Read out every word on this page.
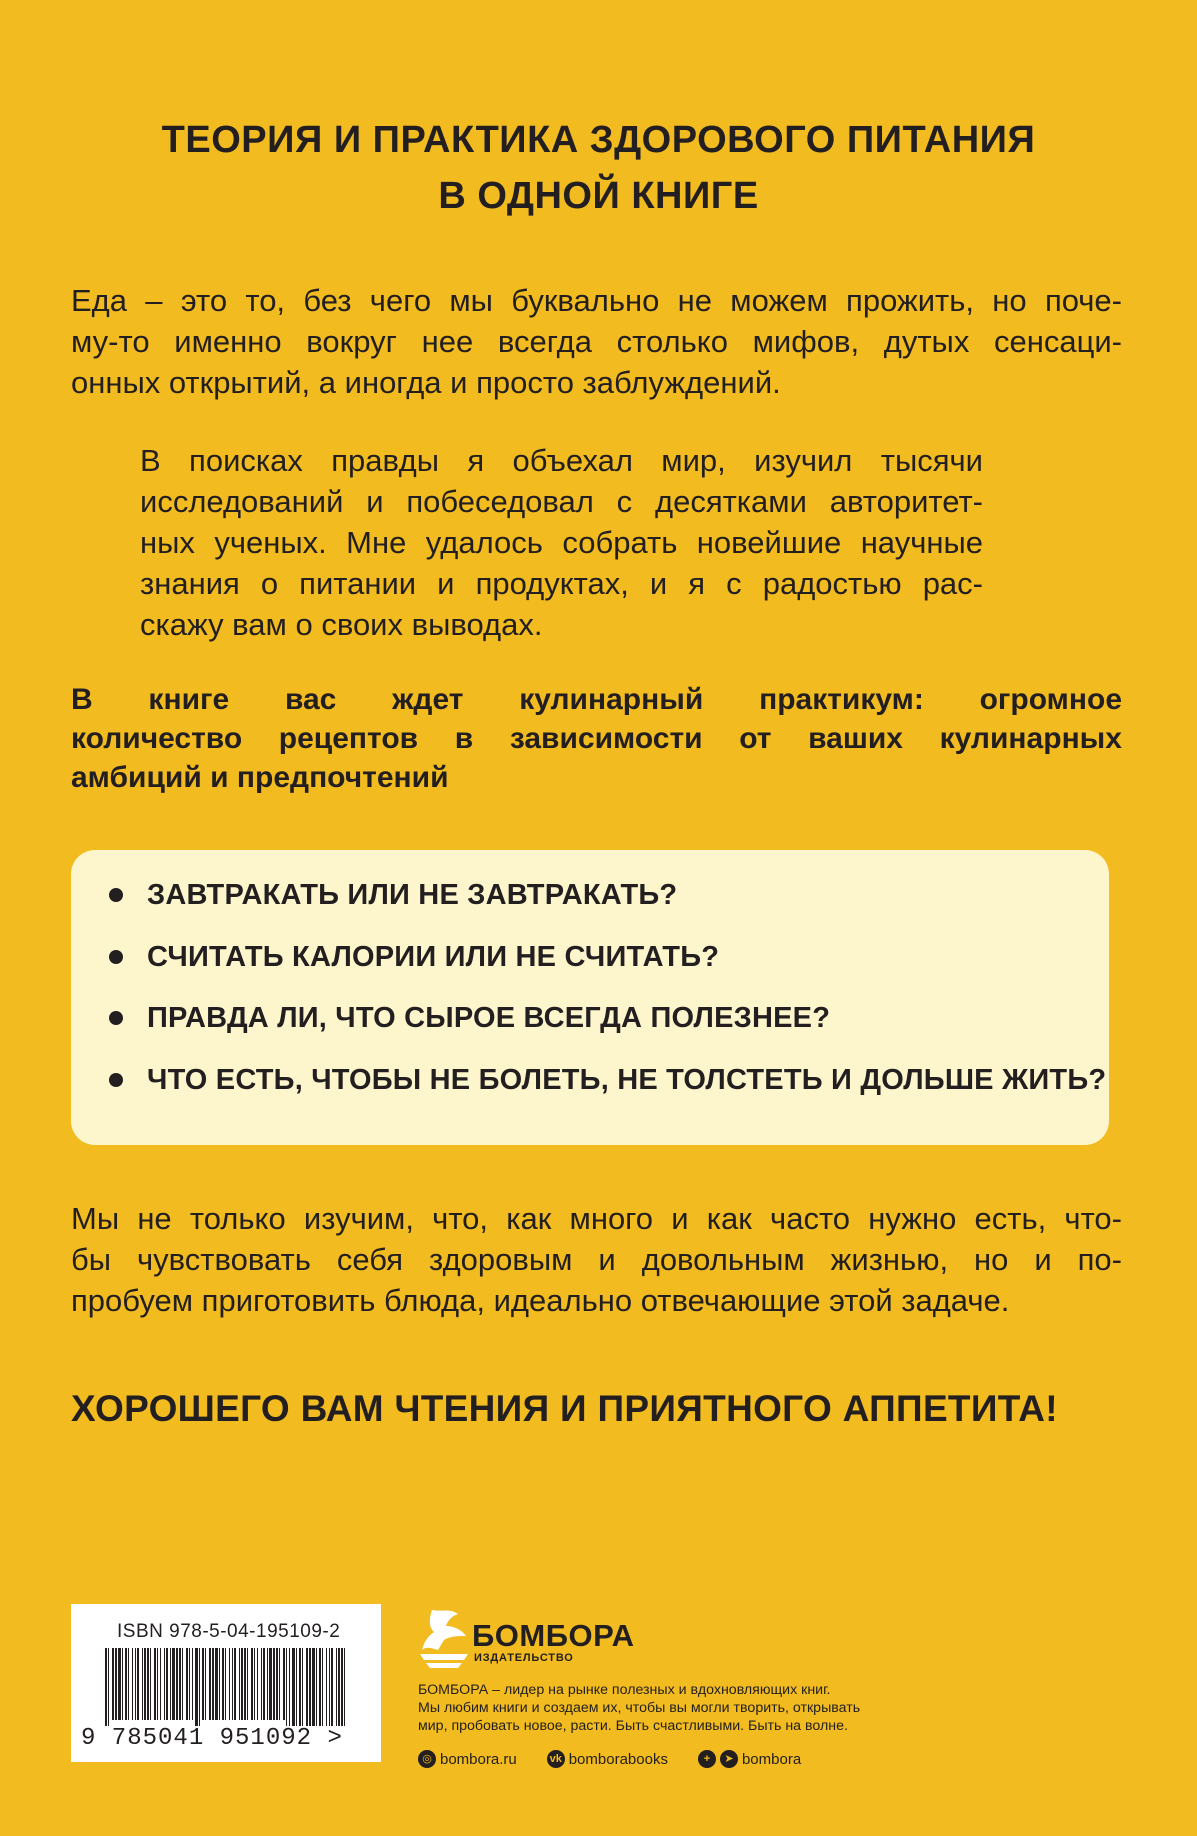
ТЕОРИЯ И ПРАКТИКА ЗДОРОВОГО ПИТАНИЯ
В ОДНОЙ КНИГЕ
Еда – это то, без чего мы буквально не можем прожить, но поче-
му-то именно вокруг нее всегда столько мифов, дутых сенсаци-
онных открытий, а иногда и просто заблуждений.
В поисках правды я объехал мир, изучил тысячи
исследований и побеседовал с десятками авторитет-
ных ученых. Мне удалось собрать новейшие научные
знания о питании и продуктах, и я с радостью рас-
скажу вам о своих выводах.
В книге вас ждет кулинарный практикум: огромное
количество рецептов в зависимости от ваших кулинарных
амбиций и предпочтений
ЗАВТРАКАТЬ ИЛИ НЕ ЗАВТРАКАТЬ?
СЧИТАТЬ КАЛОРИИ ИЛИ НЕ СЧИТАТЬ?
ПРАВДА ЛИ, ЧТО СЫРОЕ ВСЕГДА ПОЛЕЗНЕЕ?
ЧТО ЕСТЬ, ЧТОБЫ НЕ БОЛЕТЬ, НЕ ТОЛСТЕТЬ И ДОЛЬШЕ ЖИТЬ?
Мы не только изучим, что, как много и как часто нужно есть, что-
бы чувствовать себя здоровым и довольным жизнью, но и по-
пробуем приготовить блюда, идеально отвечающие этой задаче.
ХОРОШЕГО ВАМ ЧТЕНИЯ И ПРИЯТНОГО АППЕТИТА!
ISBN 978-5-04-195109-2
9 785041 951092 >
БОМБОРА
ИЗДАТЕЛЬСТВО
БОМБОРА – лидер на рынке полезных и вдохновляющих книг.
Мы любим книги и создаем их, чтобы вы могли творить, открывать
мир, пробовать новое, расти. Быть счастливыми. Быть на волне.
◎ bombora.ru	vk bomborabooks	+	➤ bombora
